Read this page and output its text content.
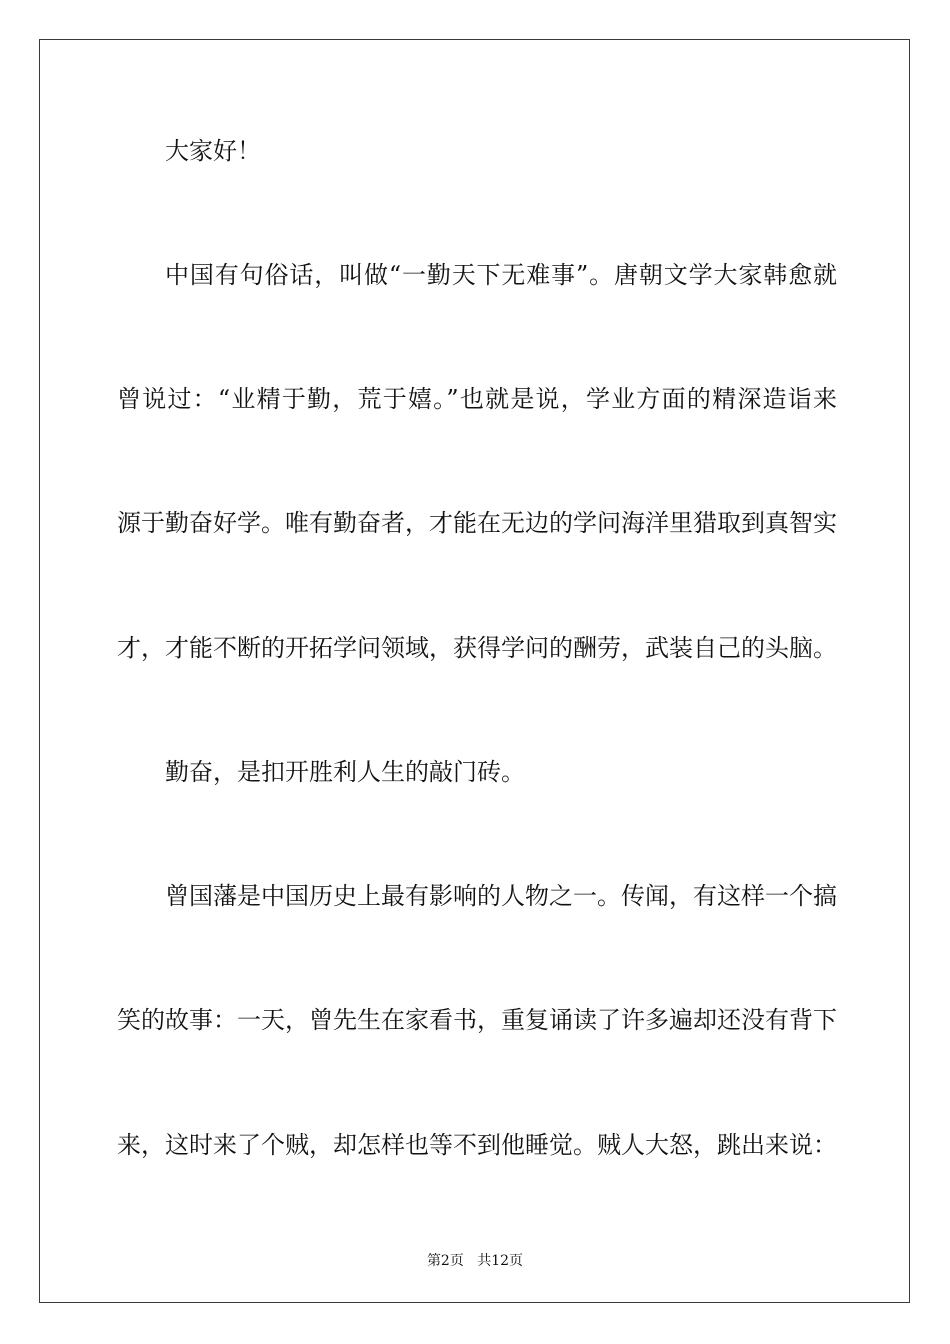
大家好！
中国有句俗话，叫做“一勤天下无难事”。唐朝文学大家韩愈就
曾说过：“业精于勤，荒于嬉。”也就是说，学业方面的精深造诣来
源于勤奋好学。唯有勤奋者，才能在无边的学问海洋里猎取到真智实
才，才能不断的开拓学问领域，获得学问的酬劳，武装自己的头脑。
勤奋，是扣开胜利人生的敲门砖。
曾国藩是中国历史上最有影响的人物之一。传闻，有这样一个搞
笑的故事：一天，曾先生在家看书，重复诵读了许多遍却还没有背下
来，这时来了个贼，却怎样也等不到他睡觉。贼人大怒，跳出来说：
第2页 共12页
